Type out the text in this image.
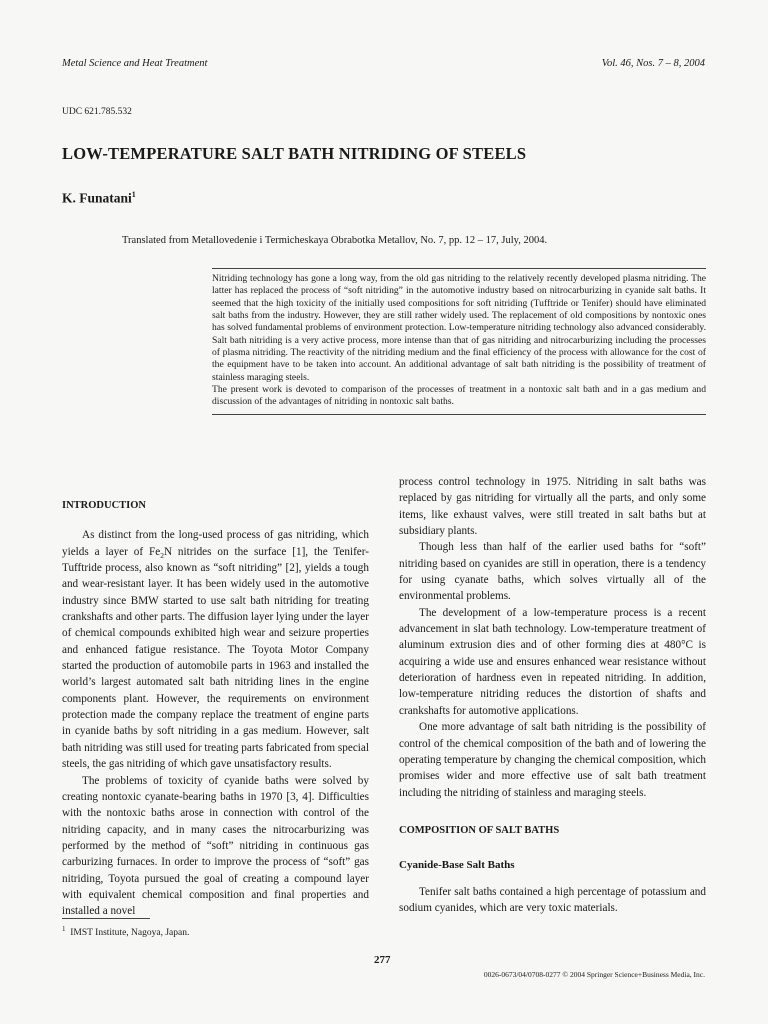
Metal Science and Heat Treatment	Vol. 46, Nos. 7 – 8, 2004
UDC 621.785.532
LOW-TEMPERATURE SALT BATH NITRIDING OF STEELS
K. Funatani$^1$
Translated from Metallovedenie i Termicheskaya Obrabotka Metallov, No. 7, pp. 12 – 17, July, 2004.

Nitriding technology has gone a long way, from the old gas nitriding to the relatively recently developed plasma nitriding. The latter has replaced the process of “soft nitriding” in the automotive industry based on nitrocarburizing in cyanide salt baths. It seemed that the high toxicity of the initially used compositions for soft nitriding (Tufftride or Tenifer) should have eliminated salt baths from the industry. However, they are still rather widely used. The replacement of old compositions by nontoxic ones has solved fundamental problems of environment protection. Low-temperature nitriding technology also advanced considerably. Salt bath nitriding is a very active process, more intense than that of gas nitriding and nitrocarburizing including the processes of plasma nitriding. The reactivity of the nitriding medium and the final efficiency of the process with allowance for the cost of the equipment have to be taken into account. An additional advantage of salt bath nitriding is the possibility of treatment of stainless maraging steels.

The present work is devoted to comparison of the processes of treatment in a nontoxic salt bath and in a gas medium and discussion of the advantages of nitriding in nontoxic salt baths.

INTRODUCTION

As distinct from the long-used process of gas nitriding, which yields a layer of $Fe_2N$ nitrides on the surface [1], the Tenifer-Tufftride process, also known as “soft nitriding” [2], yields a tough and wear-resistant layer. It has been widely used in the automotive industry since BMW started to use salt bath nitriding for treating crankshafts and other parts. The diffusion layer lying under the layer of chemical compounds exhibited high wear and seizure properties and enhanced fatigue resistance. The Toyota Motor Company started the production of automobile parts in 1963 and installed the world’s largest automated salt bath nitriding lines in the engine components plant. However, the requirements on environment protection made the company replace the treatment of engine parts in cyanide baths by soft nitriding in a gas medium. However, salt bath nitriding was still used for treating parts fabricated from special steels, the gas nitriding of which gave unsatisfactory results.

The problems of toxicity of cyanide baths were solved by creating nontoxic cyanate-bearing baths in 1970 [3, 4]. Difficulties with the nontoxic baths arose in connection with control of the nitriding capacity, and in many cases the nitrocarburizing was performed by the method of “soft” nitriding in continuous gas carburizing furnaces. In order to improve the process of “soft” gas nitriding, Toyota pursued the goal of creating a compound layer with equivalent chemical composition and final properties and installed a novel

process control technology in 1975. Nitriding in salt baths was replaced by gas nitriding for virtually all the parts, and only some items, like exhaust valves, were still treated in salt baths but at subsidiary plants.

Though less than half of the earlier used baths for “soft” nitriding based on cyanides are still in operation, there is a tendency for using cyanate baths, which solves virtually all of the environmental problems.

The development of a low-temperature process is a recent advancement in slat bath technology. Low-temperature treatment of aluminum extrusion dies and of other forming dies at 480°C is acquiring a wide use and ensures enhanced wear resistance without deterioration of hardness even in repeated nitriding. In addition, low-temperature nitriding reduces the distortion of shafts and crankshafts for automotive applications.

One more advantage of salt bath nitriding is the possibility of control of the chemical composition of the bath and of lowering the operating temperature by changing the chemical composition, which promises wider and more effective use of salt bath treatment including the nitriding of stainless and maraging steels.

COMPOSITION OF SALT BATHS

Cyanide-Base Salt Baths

Tenifer salt baths contained a high percentage of potassium and sodium cyanides, which are very toxic materials.

$^1$ IMST Institute, Nagoya, Japan.
277
0026-0673/04/0708-0277 © 2004 Springer Science+Business Media, Inc.
